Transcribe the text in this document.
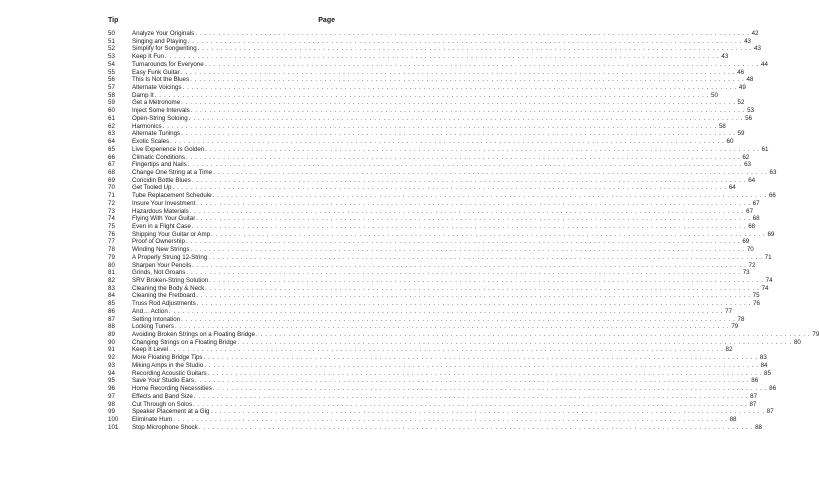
Tip	Page
50	Analyze Your Originals . . . . . . . . . . . . . . . . . . . . . . . . . . . . . . . . . . . . . . . . . . . . . . . . . . . . . . . . . . . . . . . . . . . . . . . . . . . . . . . . . . . . . . . . . . . . . . . . . . . . . . . . . . . . . . . . . . . . . . . . 42
51	Singing and Playing . . . . . . . . . . . . . . . . . . . . . . . . . . . . . . . . . . . . . . . . . . . . . . . . . . . . . . . . . . . . . . . . . . . . . . . . . . . . . . . . . . . . . . . . . . . . . . . . . . . . . . . . . . . . . . . . . . . . . . . . 43
52	Simplify for Songwriting . . . . . . . . . . . . . . . . . . . . . . . . . . . . . . . . . . . . . . . . . . . . . . . . . . . . . . . . . . . . . . . . . . . . . . . . . . . . . . . . . . . . . . . . . . . . . . . . . . . . . . . . . . . . . . . . . . . . . . . . 43
53	Keep It Fun . . . . . . . . . . . . . . . . . . . . . . . . . . . . . . . . . . . . . . . . . . . . . . . . . . . . . . . . . . . . . . . . . . . . . . . . . . . . . . . . . . . . . . . . . . . . . . . . . . . . . . . . . . . . . . . . . . . . . . . . 43
54	Turnarounds for Everyone . . . . . . . . . . . . . . . . . . . . . . . . . . . . . . . . . . . . . . . . . . . . . . . . . . . . . . . . . . . . . . . . . . . . . . . . . . . . . . . . . . . . . . . . . . . . . . . . . . . . . . . . . . . . . . . . . . . . . . . . 44
55	Easy Funk Guitar . . . . . . . . . . . . . . . . . . . . . . . . . . . . . . . . . . . . . . . . . . . . . . . . . . . . . . . . . . . . . . . . . . . . . . . . . . . . . . . . . . . . . . . . . . . . . . . . . . . . . . . . . . . . . . . . . . . . . . . . 46
56	This Is Not the Blues . . . . . . . . . . . . . . . . . . . . . . . . . . . . . . . . . . . . . . . . . . . . . . . . . . . . . . . . . . . . . . . . . . . . . . . . . . . . . . . . . . . . . . . . . . . . . . . . . . . . . . . . . . . . . . . . . . . . . . . . 48
57	Alternate Voicings . . . . . . . . . . . . . . . . . . . . . . . . . . . . . . . . . . . . . . . . . . . . . . . . . . . . . . . . . . . . . . . . . . . . . . . . . . . . . . . . . . . . . . . . . . . . . . . . . . . . . . . . . . . . . . . . . . . . . . . . 49
58	Damp It . . . . . . . . . . . . . . . . . . . . . . . . . . . . . . . . . . . . . . . . . . . . . . . . . . . . . . . . . . . . . . . . . . . . . . . . . . . . . . . . . . . . . . . . . . . . . . . . . . . . . . . . . . . . . . . . . . . . . . . . 50
59	Get a Metronome . . . . . . . . . . . . . . . . . . . . . . . . . . . . . . . . . . . . . . . . . . . . . . . . . . . . . . . . . . . . . . . . . . . . . . . . . . . . . . . . . . . . . . . . . . . . . . . . . . . . . . . . . . . . . . . . . . . . . . . . 52
60	Inject Some Intervals . . . . . . . . . . . . . . . . . . . . . . . . . . . . . . . . . . . . . . . . . . . . . . . . . . . . . . . . . . . . . . . . . . . . . . . . . . . . . . . . . . . . . . . . . . . . . . . . . . . . . . . . . . . . . . . . . . . . . . . . 53
61	Open-String Soloing . . . . . . . . . . . . . . . . . . . . . . . . . . . . . . . . . . . . . . . . . . . . . . . . . . . . . . . . . . . . . . . . . . . . . . . . . . . . . . . . . . . . . . . . . . . . . . . . . . . . . . . . . . . . . . . . . . . . . . . . 56
62	Harmonics . . . . . . . . . . . . . . . . . . . . . . . . . . . . . . . . . . . . . . . . . . . . . . . . . . . . . . . . . . . . . . . . . . . . . . . . . . . . . . . . . . . . . . . . . . . . . . . . . . . . . . . . . . . . . . . . . . . . . . . . 58
63	Alternate Tunings . . . . . . . . . . . . . . . . . . . . . . . . . . . . . . . . . . . . . . . . . . . . . . . . . . . . . . . . . . . . . . . . . . . . . . . . . . . . . . . . . . . . . . . . . . . . . . . . . . . . . . . . . . . . . . . . . . . . . . . . 59
64	Exotic Scales . . . . . . . . . . . . . . . . . . . . . . . . . . . . . . . . . . . . . . . . . . . . . . . . . . . . . . . . . . . . . . . . . . . . . . . . . . . . . . . . . . . . . . . . . . . . . . . . . . . . . . . . . . . . . . . . . . . . . . . . 60
65	Live Experience Is Golden . . . . . . . . . . . . . . . . . . . . . . . . . . . . . . . . . . . . . . . . . . . . . . . . . . . . . . . . . . . . . . . . . . . . . . . . . . . . . . . . . . . . . . . . . . . . . . . . . . . . . . . . . . . . . . . . . . . . . . . . 61
66	Climatic Conditions . . . . . . . . . . . . . . . . . . . . . . . . . . . . . . . . . . . . . . . . . . . . . . . . . . . . . . . . . . . . . . . . . . . . . . . . . . . . . . . . . . . . . . . . . . . . . . . . . . . . . . . . . . . . . . . . . . . . . . . . 62
67	Fingertips and Nails . . . . . . . . . . . . . . . . . . . . . . . . . . . . . . . . . . . . . . . . . . . . . . . . . . . . . . . . . . . . . . . . . . . . . . . . . . . . . . . . . . . . . . . . . . . . . . . . . . . . . . . . . . . . . . . . . . . . . . . . 63
68	Change One String at a Time . . . . . . . . . . . . . . . . . . . . . . . . . . . . . . . . . . . . . . . . . . . . . . . . . . . . . . . . . . . . . . . . . . . . . . . . . . . . . . . . . . . . . . . . . . . . . . . . . . . . . . . . . . . . . . . . . . . . . . . . 63
69	Coricidin Bottle Blues . . . . . . . . . . . . . . . . . . . . . . . . . . . . . . . . . . . . . . . . . . . . . . . . . . . . . . . . . . . . . . . . . . . . . . . . . . . . . . . . . . . . . . . . . . . . . . . . . . . . . . . . . . . . . . . . . . . . . . . . 64
70	Get Tooled Up . . . . . . . . . . . . . . . . . . . . . . . . . . . . . . . . . . . . . . . . . . . . . . . . . . . . . . . . . . . . . . . . . . . . . . . . . . . . . . . . . . . . . . . . . . . . . . . . . . . . . . . . . . . . . . . . . . . . . . . . 64
71	Tube Replacement Schedule . . . . . . . . . . . . . . . . . . . . . . . . . . . . . . . . . . . . . . . . . . . . . . . . . . . . . . . . . . . . . . . . . . . . . . . . . . . . . . . . . . . . . . . . . . . . . . . . . . . . . . . . . . . . . . . . . . . . . . . . 66
72	Insure Your Investment . . . . . . . . . . . . . . . . . . . . . . . . . . . . . . . . . . . . . . . . . . . . . . . . . . . . . . . . . . . . . . . . . . . . . . . . . . . . . . . . . . . . . . . . . . . . . . . . . . . . . . . . . . . . . . . . . . . . . . . . 67
73	Hazardous Materials . . . . . . . . . . . . . . . . . . . . . . . . . . . . . . . . . . . . . . . . . . . . . . . . . . . . . . . . . . . . . . . . . . . . . . . . . . . . . . . . . . . . . . . . . . . . . . . . . . . . . . . . . . . . . . . . . . . . . . . . 67
74	Flying With Your Guitar . . . . . . . . . . . . . . . . . . . . . . . . . . . . . . . . . . . . . . . . . . . . . . . . . . . . . . . . . . . . . . . . . . . . . . . . . . . . . . . . . . . . . . . . . . . . . . . . . . . . . . . . . . . . . . . . . . . . . . . . 68
75	Even in a Flight Case . . . . . . . . . . . . . . . . . . . . . . . . . . . . . . . . . . . . . . . . . . . . . . . . . . . . . . . . . . . . . . . . . . . . . . . . . . . . . . . . . . . . . . . . . . . . . . . . . . . . . . . . . . . . . . . . . . . . . . . . 68
76	Shipping Your Guitar or Amp . . . . . . . . . . . . . . . . . . . . . . . . . . . . . . . . . . . . . . . . . . . . . . . . . . . . . . . . . . . . . . . . . . . . . . . . . . . . . . . . . . . . . . . . . . . . . . . . . . . . . . . . . . . . . . . . . . . . . . . . 69
77	Proof of Ownership . . . . . . . . . . . . . . . . . . . . . . . . . . . . . . . . . . . . . . . . . . . . . . . . . . . . . . . . . . . . . . . . . . . . . . . . . . . . . . . . . . . . . . . . . . . . . . . . . . . . . . . . . . . . . . . . . . . . . . . . 69
78	Winding New Strings . . . . . . . . . . . . . . . . . . . . . . . . . . . . . . . . . . . . . . . . . . . . . . . . . . . . . . . . . . . . . . . . . . . . . . . . . . . . . . . . . . . . . . . . . . . . . . . . . . . . . . . . . . . . . . . . . . . . . . . . 70
79	A Properly Strung 12-String . . . . . . . . . . . . . . . . . . . . . . . . . . . . . . . . . . . . . . . . . . . . . . . . . . . . . . . . . . . . . . . . . . . . . . . . . . . . . . . . . . . . . . . . . . . . . . . . . . . . . . . . . . . . . . . . . . . . . . . . 71
80	Sharpen Your Pencils . . . . . . . . . . . . . . . . . . . . . . . . . . . . . . . . . . . . . . . . . . . . . . . . . . . . . . . . . . . . . . . . . . . . . . . . . . . . . . . . . . . . . . . . . . . . . . . . . . . . . . . . . . . . . . . . . . . . . . . . 72
81	Grinds, Not Groans . . . . . . . . . . . . . . . . . . . . . . . . . . . . . . . . . . . . . . . . . . . . . . . . . . . . . . . . . . . . . . . . . . . . . . . . . . . . . . . . . . . . . . . . . . . . . . . . . . . . . . . . . . . . . . . . . . . . . . . . 73
82	SRV Broken-String Solution . . . . . . . . . . . . . . . . . . . . . . . . . . . . . . . . . . . . . . . . . . . . . . . . . . . . . . . . . . . . . . . . . . . . . . . . . . . . . . . . . . . . . . . . . . . . . . . . . . . . . . . . . . . . . . . . . . . . . . . . 74
83	Cleaning the Body & Neck . . . . . . . . . . . . . . . . . . . . . . . . . . . . . . . . . . . . . . . . . . . . . . . . . . . . . . . . . . . . . . . . . . . . . . . . . . . . . . . . . . . . . . . . . . . . . . . . . . . . . . . . . . . . . . . . . . . . . . . . 74
84	Cleaning the Fretboard . . . . . . . . . . . . . . . . . . . . . . . . . . . . . . . . . . . . . . . . . . . . . . . . . . . . . . . . . . . . . . . . . . . . . . . . . . . . . . . . . . . . . . . . . . . . . . . . . . . . . . . . . . . . . . . . . . . . . . . . 75
85	Truss Rod Adjustments . . . . . . . . . . . . . . . . . . . . . . . . . . . . . . . . . . . . . . . . . . . . . . . . . . . . . . . . . . . . . . . . . . . . . . . . . . . . . . . . . . . . . . . . . . . . . . . . . . . . . . . . . . . . . . . . . . . . . . . . 76
86	And… Action . . . . . . . . . . . . . . . . . . . . . . . . . . . . . . . . . . . . . . . . . . . . . . . . . . . . . . . . . . . . . . . . . . . . . . . . . . . . . . . . . . . . . . . . . . . . . . . . . . . . . . . . . . . . . . . . . . . . . . . . 77
87	Setting Intonation . . . . . . . . . . . . . . . . . . . . . . . . . . . . . . . . . . . . . . . . . . . . . . . . . . . . . . . . . . . . . . . . . . . . . . . . . . . . . . . . . . . . . . . . . . . . . . . . . . . . . . . . . . . . . . . . . . . . . . . . 78
88	Locking Tuners . . . . . . . . . . . . . . . . . . . . . . . . . . . . . . . . . . . . . . . . . . . . . . . . . . . . . . . . . . . . . . . . . . . . . . . . . . . . . . . . . . . . . . . . . . . . . . . . . . . . . . . . . . . . . . . . . . . . . . . . 79
89	Avoiding Broken Strings on a Floating Bridge . . . . . . . . . . . . . . . . . . . . . . . . . . . . . . . . . . . . . . . . . . . . . . . . . . . . . . . . . . . . . . . . . . . . . . . . . . . . . . . . . . . . . . . . . . . . . . . . . . . . . . . . . . . . . . . . . . . . . . . . 79
90	Changing Strings on a Floating Bridge . . . . . . . . . . . . . . . . . . . . . . . . . . . . . . . . . . . . . . . . . . . . . . . . . . . . . . . . . . . . . . . . . . . . . . . . . . . . . . . . . . . . . . . . . . . . . . . . . . . . . . . . . . . . . . . . . . . . . . . . 80
91	Keep It Level . . . . . . . . . . . . . . . . . . . . . . . . . . . . . . . . . . . . . . . . . . . . . . . . . . . . . . . . . . . . . . . . . . . . . . . . . . . . . . . . . . . . . . . . . . . . . . . . . . . . . . . . . . . . . . . . . . . . . . . . 82
92	More Floating Bridge Tips . . . . . . . . . . . . . . . . . . . . . . . . . . . . . . . . . . . . . . . . . . . . . . . . . . . . . . . . . . . . . . . . . . . . . . . . . . . . . . . . . . . . . . . . . . . . . . . . . . . . . . . . . . . . . . . . . . . . . . . . 83
93	Miking Amps in the Studio . . . . . . . . . . . . . . . . . . . . . . . . . . . . . . . . . . . . . . . . . . . . . . . . . . . . . . . . . . . . . . . . . . . . . . . . . . . . . . . . . . . . . . . . . . . . . . . . . . . . . . . . . . . . . . . . . . . . . . . . 84
94	Recording Acoustic Guitars . . . . . . . . . . . . . . . . . . . . . . . . . . . . . . . . . . . . . . . . . . . . . . . . . . . . . . . . . . . . . . . . . . . . . . . . . . . . . . . . . . . . . . . . . . . . . . . . . . . . . . . . . . . . . . . . . . . . . . . . 85
95	Save Your Studio Ears . . . . . . . . . . . . . . . . . . . . . . . . . . . . . . . . . . . . . . . . . . . . . . . . . . . . . . . . . . . . . . . . . . . . . . . . . . . . . . . . . . . . . . . . . . . . . . . . . . . . . . . . . . . . . . . . . . . . . . . . 86
96	Home Recording Necessities . . . . . . . . . . . . . . . . . . . . . . . . . . . . . . . . . . . . . . . . . . . . . . . . . . . . . . . . . . . . . . . . . . . . . . . . . . . . . . . . . . . . . . . . . . . . . . . . . . . . . . . . . . . . . . . . . . . . . . . . 86
97	Effects and Band Size . . . . . . . . . . . . . . . . . . . . . . . . . . . . . . . . . . . . . . . . . . . . . . . . . . . . . . . . . . . . . . . . . . . . . . . . . . . . . . . . . . . . . . . . . . . . . . . . . . . . . . . . . . . . . . . . . . . . . . . . 87
98	Cut Through on Solos . . . . . . . . . . . . . . . . . . . . . . . . . . . . . . . . . . . . . . . . . . . . . . . . . . . . . . . . . . . . . . . . . . . . . . . . . . . . . . . . . . . . . . . . . . . . . . . . . . . . . . . . . . . . . . . . . . . . . . . . 87
99	Speaker Placement at a Gig . . . . . . . . . . . . . . . . . . . . . . . . . . . . . . . . . . . . . . . . . . . . . . . . . . . . . . . . . . . . . . . . . . . . . . . . . . . . . . . . . . . . . . . . . . . . . . . . . . . . . . . . . . . . . . . . . . . . . . . . 87
100	Eliminate Hum . . . . . . . . . . . . . . . . . . . . . . . . . . . . . . . . . . . . . . . . . . . . . . . . . . . . . . . . . . . . . . . . . . . . . . . . . . . . . . . . . . . . . . . . . . . . . . . . . . . . . . . . . . . . . . . . . . . . . . . . 88
101	Stop Microphone Shock . . . . . . . . . . . . . . . . . . . . . . . . . . . . . . . . . . . . . . . . . . . . . . . . . . . . . . . . . . . . . . . . . . . . . . . . . . . . . . . . . . . . . . . . . . . . . . . . . . . . . . . . . . . . . . . . . . . . . . . . 88
